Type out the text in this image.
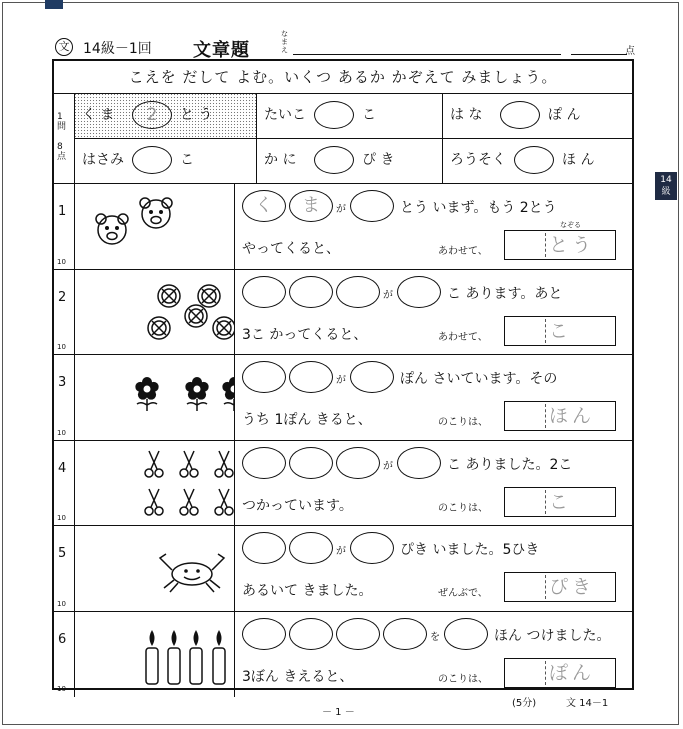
文 14級－1回 文章題
なまえ	点
14
級
こえを だして よむ。いくつ あるか かぞえて みましょう。
1
問
8
点
く ま	2	と う	たいこ	こ	は な	ぽ ん
はさみ	こ	か に	ぴ き	ろうそく	ほ ん
1
10
く	ま	が	とう いまず。もう 2とう
なぞる
やってくると、	あわせて、	とう
2
10
が	こ あります。あと
3こ かってくると、	あわせて、	こ
3
10
が	ぽん さいています。その
うち 1ぽん きると、	のこりは、	ほん
4
10
が	こ ありました。2こ
つかっています。	のこりは、	こ
5
10
が	ぴき いました。5ひき
あるいて きました。	ぜんぶで、	ぴき
6
10
を	ほん つけました。
3ぼん きえると、	のこりは、	ぽん
(5分)	文 14－1
－ 1 －
